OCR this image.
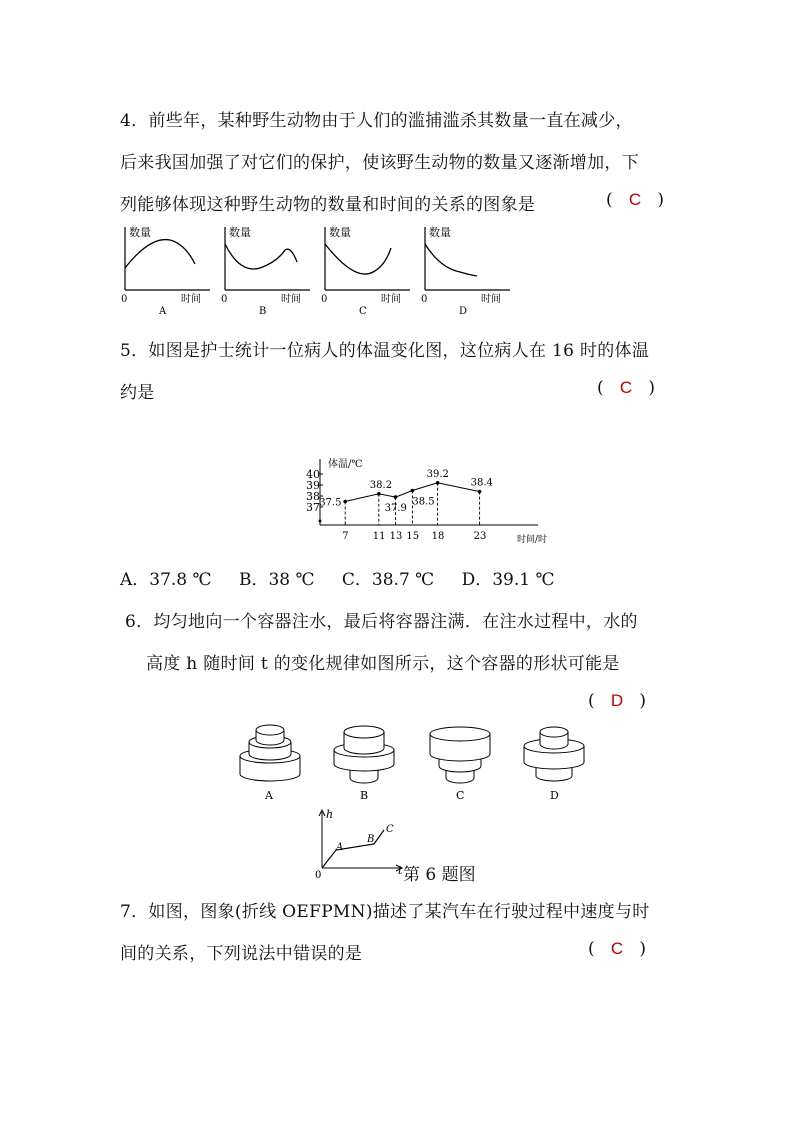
4．前些年，某种野生动物由于人们的滥捕滥杀其数量一直在减少，
后来我国加强了对它们的保护，使该野生动物的数量又逐渐增加，下
列能够体现这种野生动物的数量和时间的关系的图象是	(   C   )
数量
时间
0
A
数量
时间
0
B
数量
时间
0
C
数量
时间
0
D
5．如图是护士统计一位病人的体温变化图，这位病人在 16 时的体温
约是	(   C   )
体温/℃
时间/时
40
39
38
37 37.5
7
38.2
11
37.9
13
38.5
15
39.2
18
38.4
23
A．37.8 ℃ B．38 ℃ C．38.7 ℃ D．39.1 ℃
6．均匀地向一个容器注水，最后将容器注满．在注水过程中，水的
高度 h 随时间 t 的变化规律如图所示，这个容器的形状可能是
(   D   )
A	B	C	D
h
t
0
A
B
C
第 6 题图
7．如图，图象(折线 OEFPMN)描述了某汽车在行驶过程中速度与时
间的关系，下列说法中错误的是	(   C   )
